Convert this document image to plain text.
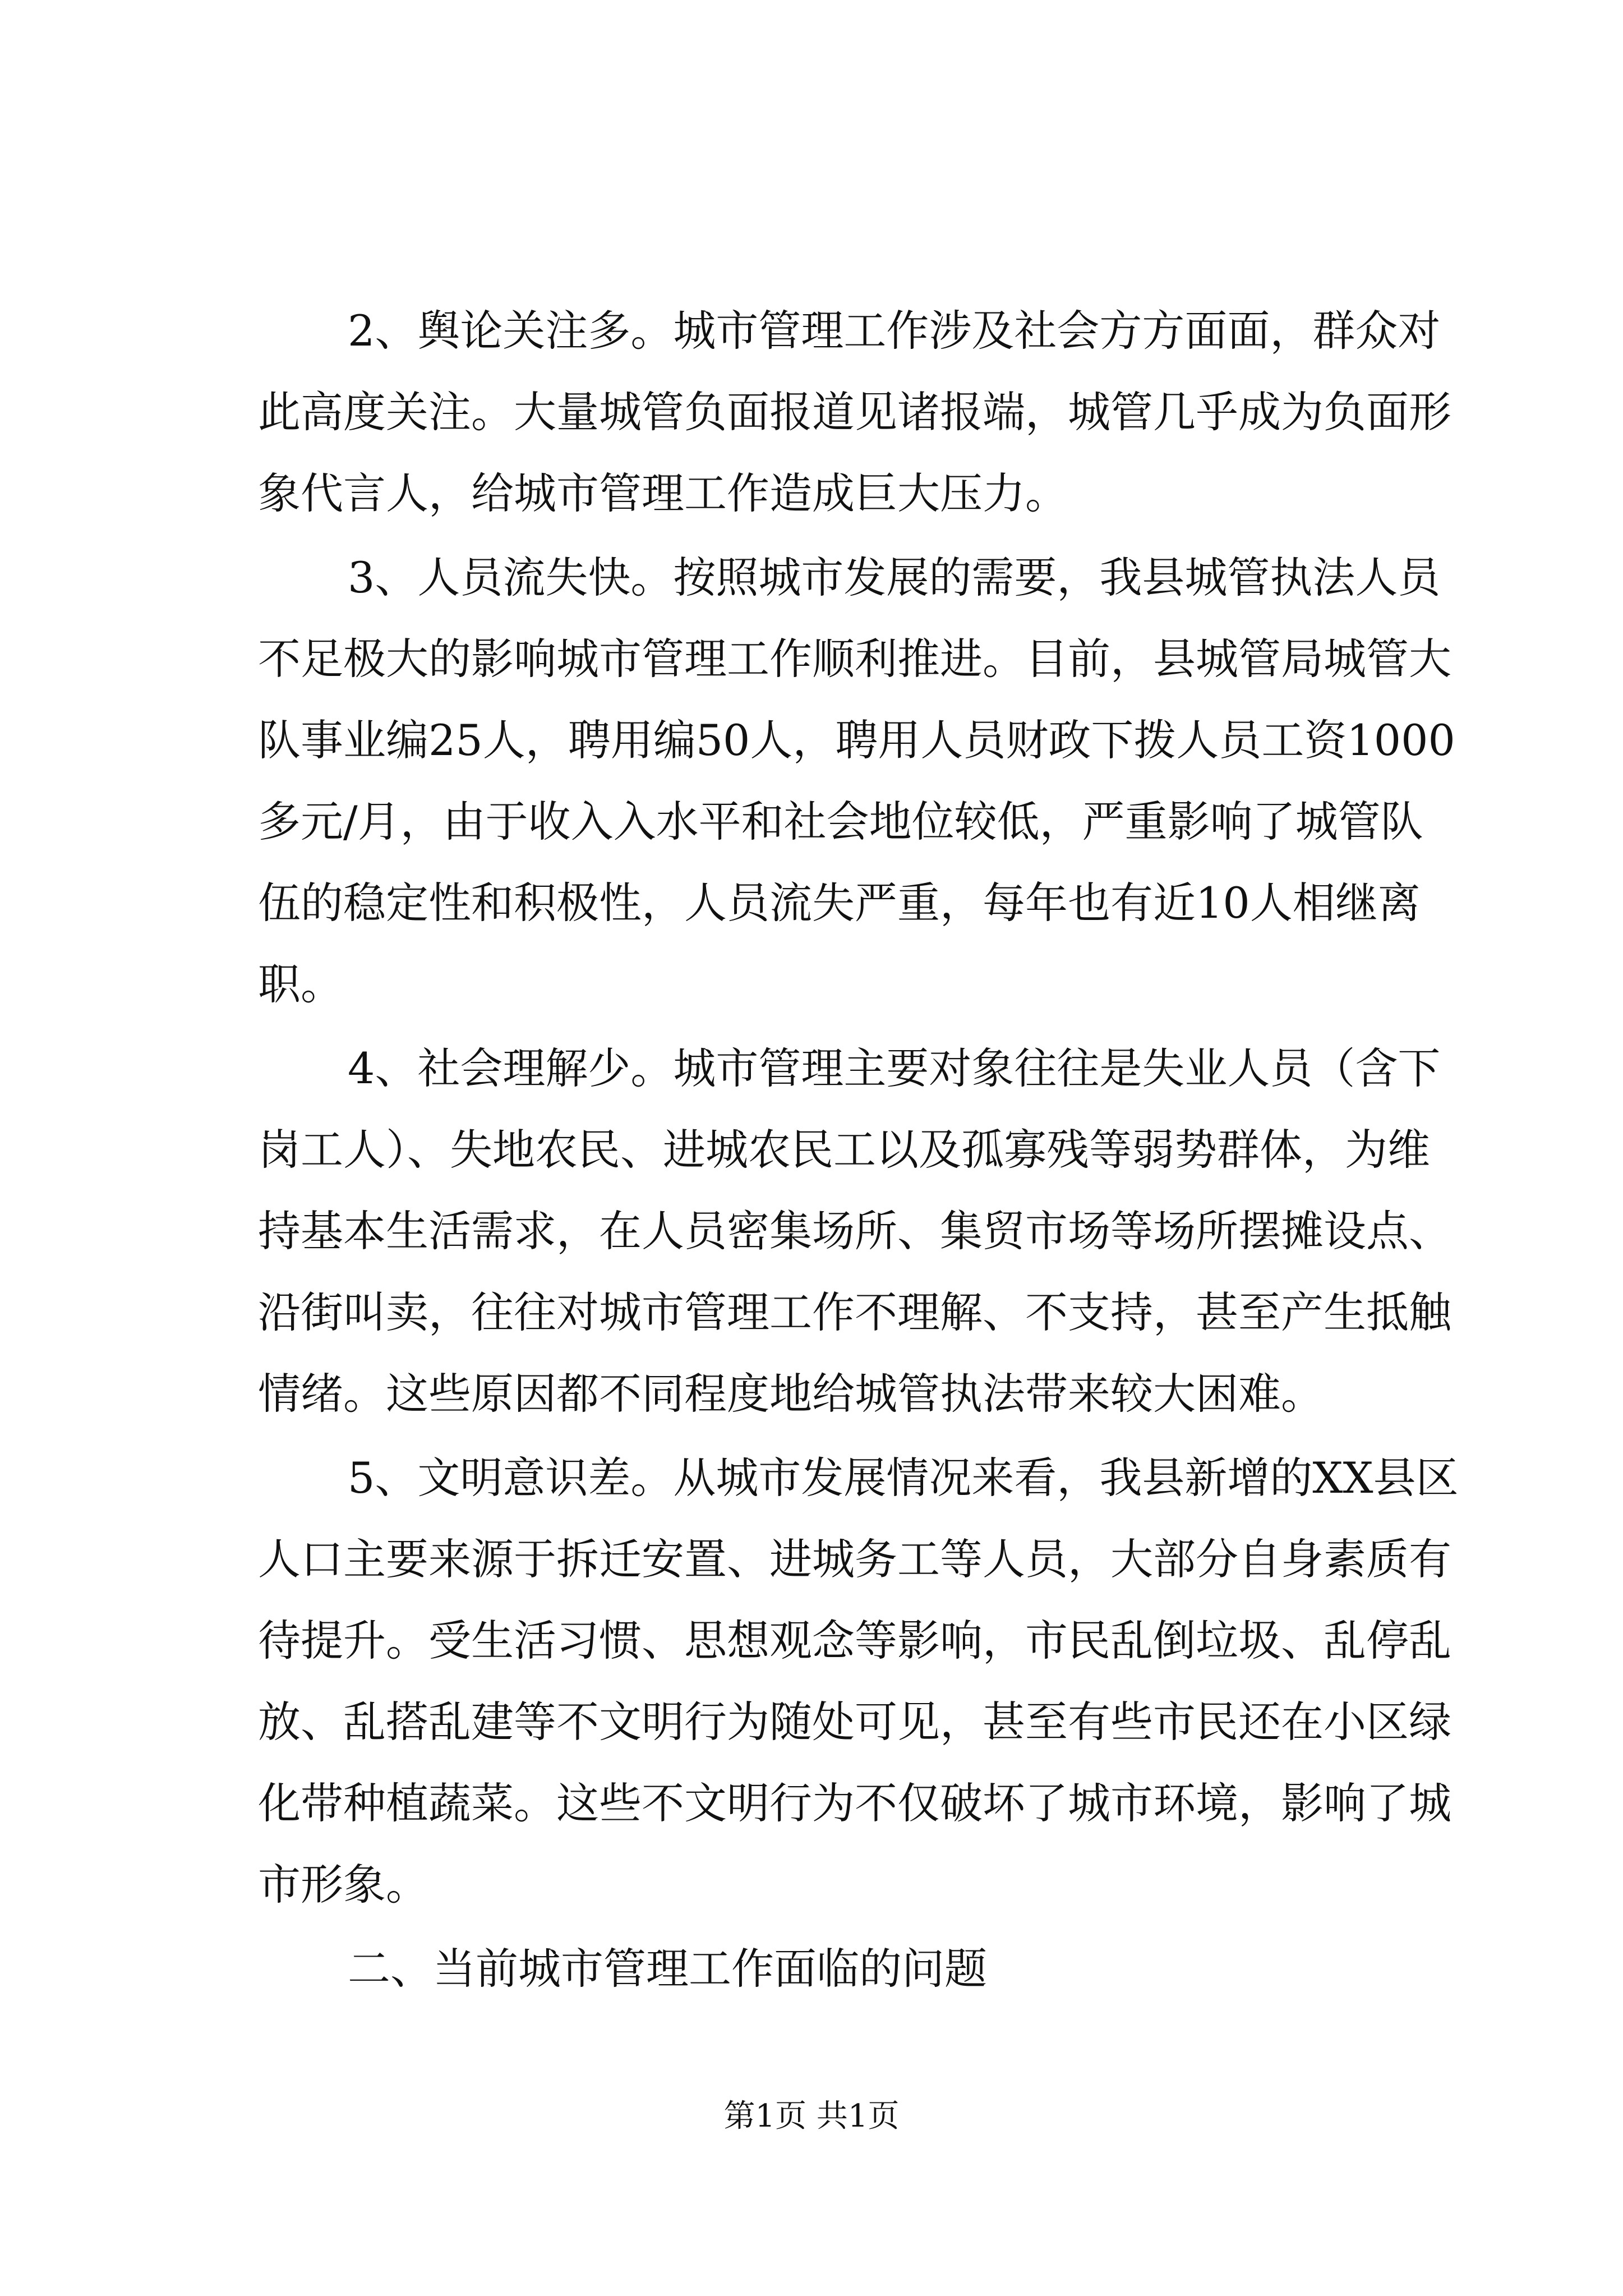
2、舆论关注多。城市管理工作涉及社会方方面面，群众对
此高度关注。大量城管负面报道见诸报端，城管几乎成为负面形
象代言人，给城市管理工作造成巨大压力。
3、人员流失快。按照城市发展的需要，我县城管执法人员
不足极大的影响城市管理工作顺利推进。目前，县城管局城管大
队事业编25人，聘用编50人，聘用人员财政下拨人员工资1000
多元/月，由于收入入水平和社会地位较低，严重影响了城管队
伍的稳定性和积极性，人员流失严重，每年也有近10人相继离
职。
4、社会理解少。城市管理主要对象往往是失业人员（含下
岗工人）、失地农民、进城农民工以及孤寡残等弱势群体，为维
持基本生活需求，在人员密集场所、集贸市场等场所摆摊设点、
沿街叫卖，往往对城市管理工作不理解、不支持，甚至产生抵触
情绪。这些原因都不同程度地给城管执法带来较大困难。
5、文明意识差。从城市发展情况来看，我县新增的XX县区
人口主要来源于拆迁安置、进城务工等人员，大部分自身素质有
待提升。受生活习惯、思想观念等影响，市民乱倒垃圾、乱停乱
放、乱搭乱建等不文明行为随处可见，甚至有些市民还在小区绿
化带种植蔬菜。这些不文明行为不仅破坏了城市环境，影响了城
市形象。
二、当前城市管理工作面临的问题
第1页 共1页
